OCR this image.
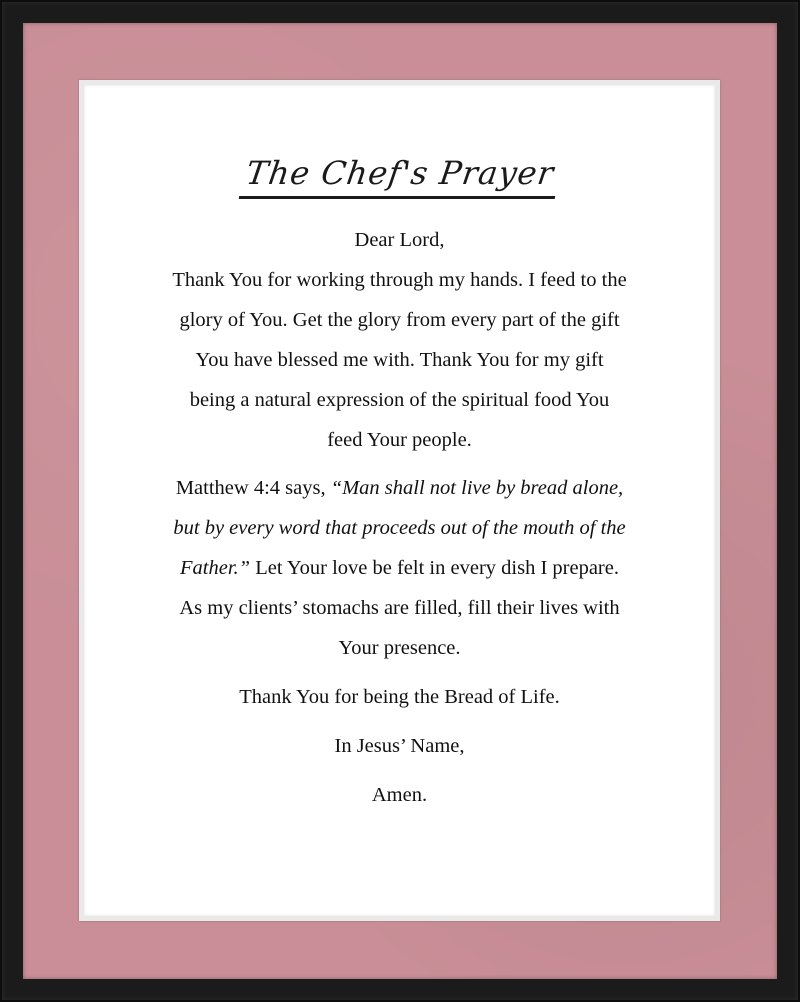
The Chef's Prayer
Dear Lord,
Thank You for working through my hands. I feed to the
glory of You. Get the glory from every part of the gift
You have blessed me with. Thank You for my gift
being a natural expression of the spiritual food You
feed Your people.
Matthew 4:4 says, “Man shall not live by bread alone,
but by every word that proceeds out of the mouth of the
Father.” Let Your love be felt in every dish I prepare.
As my clients’ stomachs are filled, fill their lives with
Your presence.
Thank You for being the Bread of Life.
In Jesus’ Name,
Amen.
